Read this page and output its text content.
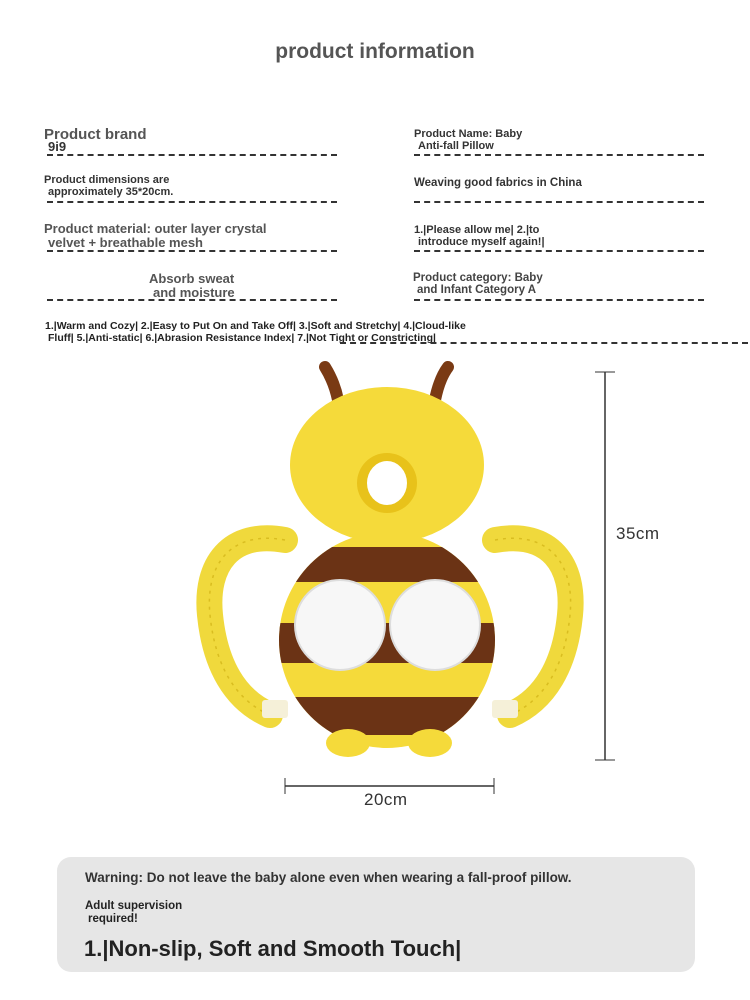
product information
Product brand
9i9
Product Name: Baby
Anti-fall Pillow
Product dimensions are
approximately 35*20cm.
Weaving good fabrics in China
Product material: outer layer crystal
velvet + breathable mesh
1.|Please allow me| 2.|to
introduce myself again!|
Absorb sweat
and moisture
Product category: Baby
and Infant Category A
1.|Warm and Cozy| 2.|Easy to Put On and Take Off| 3.|Soft and Stretchy| 4.|Cloud-like
Fluff| 5.|Anti-static| 6.|Abrasion Resistance Index| 7.|Not Tight or Constricting|
35cm
20cm
Warning: Do not leave the baby alone even when wearing a fall-proof pillow.
Adult supervision
required!
1.|Non-slip, Soft and Smooth Touch|
